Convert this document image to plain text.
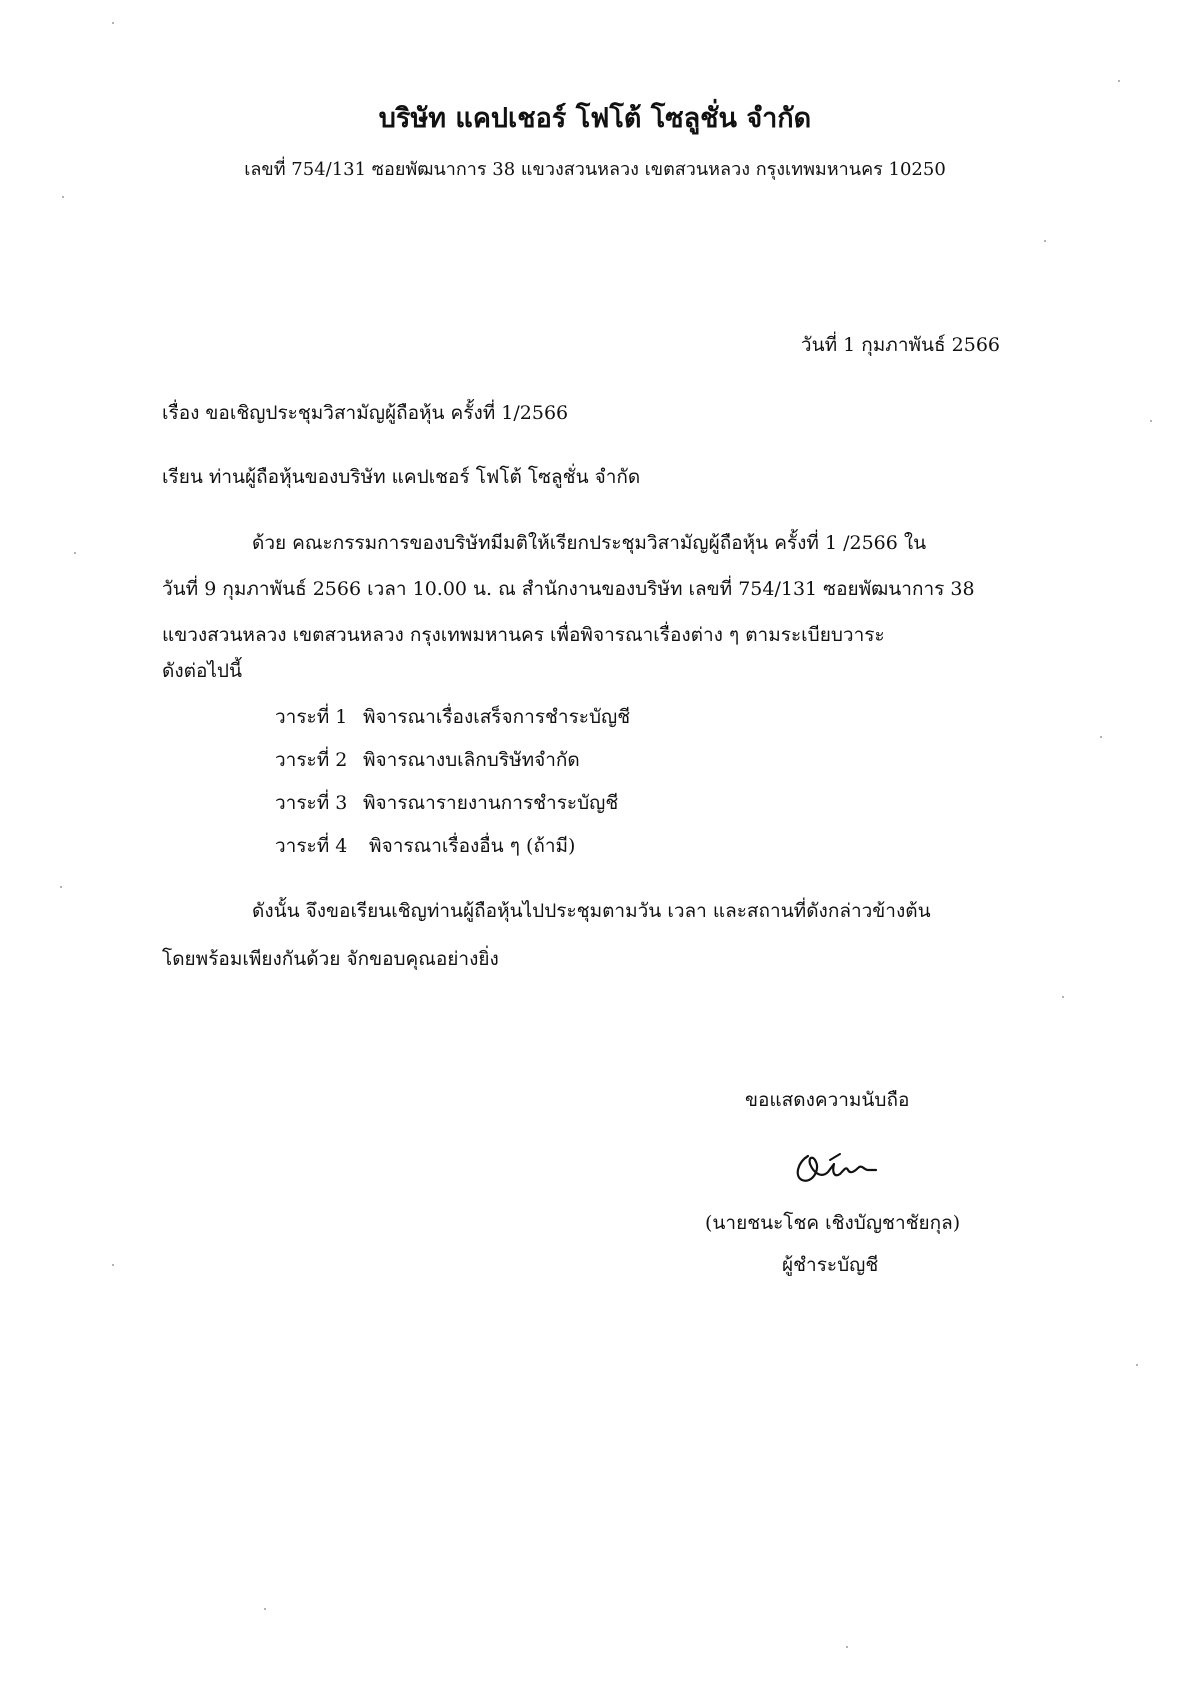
บริษัท แคปเชอร์ โฟโต้ โซลูชั่น จำกัด
เลขที่ 754/131 ซอยพัฒนาการ 38 แขวงสวนหลวง เขตสวนหลวง กรุงเทพมหานคร 10250
วันที่ 1 กุมภาพันธ์ 2566
เรื่อง ขอเชิญประชุมวิสามัญผู้ถือหุ้น ครั้งที่ 1/2566
เรียน ท่านผู้ถือหุ้นของบริษัท แคปเชอร์ โฟโต้ โซลูชั่น จำกัด
ด้วย คณะกรรมการของบริษัทมีมติให้เรียกประชุมวิสามัญผู้ถือหุ้น ครั้งที่ 1 /2566 ใน
วันที่ 9 กุมภาพันธ์ 2566 เวลา 10.00 น. ณ สำนักงานของบริษัท เลขที่ 754/131 ซอยพัฒนาการ 38
แขวงสวนหลวง เขตสวนหลวง กรุงเทพมหานคร เพื่อพิจารณาเรื่องต่าง ๆ ตามระเบียบวาระ
ดังต่อไปนี้
วาระที่ 1 พิจารณาเรื่องเสร็จการชำระบัญชี
วาระที่ 2 พิจารณางบเลิกบริษัทจำกัด
วาระที่ 3 พิจารณารายงานการชำระบัญชี
วาระที่ 4 พิจารณาเรื่องอื่น ๆ (ถ้ามี)
ดังนั้น จึงขอเรียนเชิญท่านผู้ถือหุ้นไปประชุมตามวัน เวลา และสถานที่ดังกล่าวข้างต้น
โดยพร้อมเพียงกันด้วย จักขอบคุณอย่างยิ่ง
ขอแสดงความนับถือ
(นายชนะโชค เชิงบัญชาชัยกุล)
ผู้ชำระบัญชี
